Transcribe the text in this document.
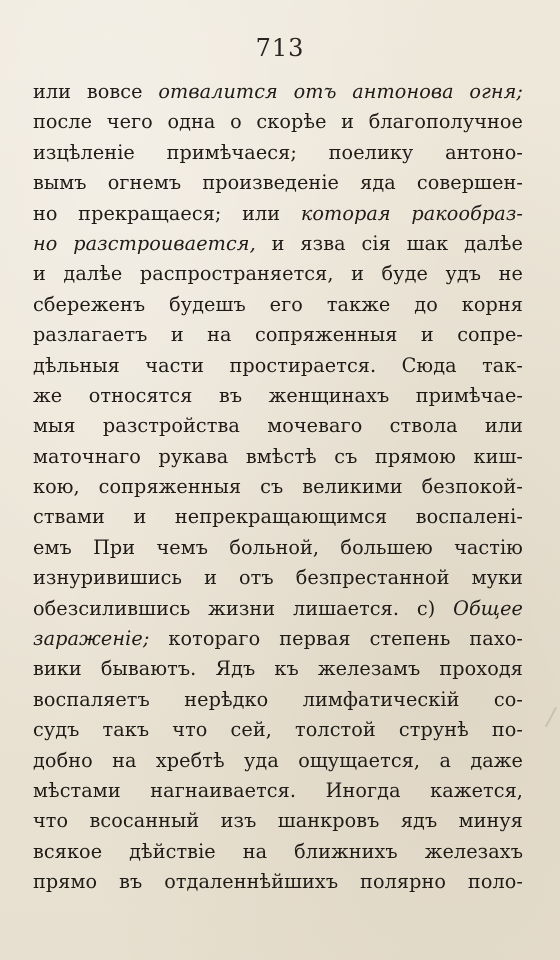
713
или вовсе отвалится отъ антонова огня;
после чего одна о скорѣе и благополучное
изцѣленіе примѣчаеся; поелику антоно-
вымъ огнемъ произведеніе яда совершен-
но прекращаеся; или которая ракообраз-
но разстроивается, и язва сія шак далѣе
и далѣе распространяется, и буде удъ не
сбереженъ будешъ его также до корня
разлагаетъ и на сопряженныя и сопре-
дѣльныя части простирается. Сюда так-
же относятся въ женщинахъ примѣчае-
мыя разстройства мочеваго ствола или
маточнаго рукава вмѣстѣ съ прямою киш-
кою, сопряженныя съ великими безпокой-
ствами и непрекращающимся воспаленi-
емъ При чемъ больной, большею частію
изнуривишись и отъ безпрестанной муки
обезсилившись жизни лишается. c) Общее
зараженіе; котораго первая степень пахо-
вики бываютъ. Ядъ къ железамъ проходя
воспаляетъ нерѣдко лимфатическій со-
судъ такъ что сей, толстой струнѣ по-
добно на хребтѣ уда ощущается, а даже
мѣстами нагнаивается. Иногда кажется,
что всосанный изъ шанкровъ ядъ минуя
всякое дѣйствіе на ближнихъ железахъ
прямо въ отдаленнѣйшихъ полярно поло-
